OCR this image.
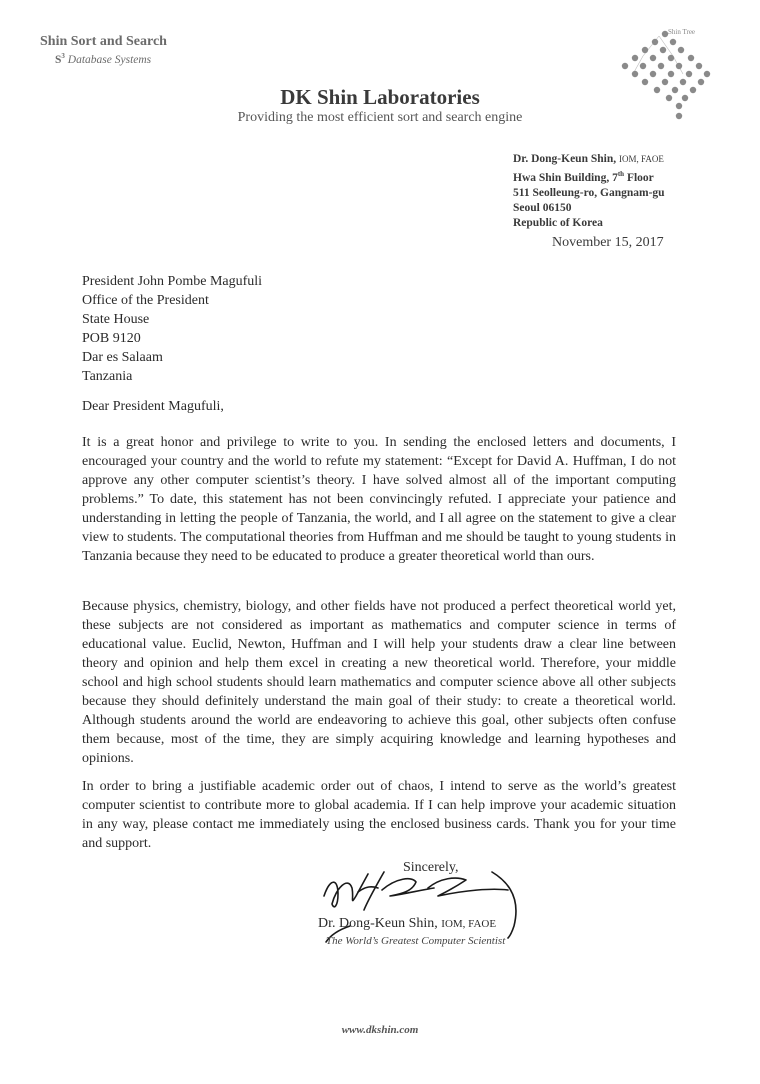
Shin Sort and Search
$S^3$ Database Systems
DK Shin Laboratories
Providing the most efficient sort and search engine
Shin Tree
Dr. Dong-Keun Shin, IOM, FAOE
Hwa Shin Building, 7th Floor
511 Seolleung-ro, Gangnam-gu
Seoul 06150
Republic of Korea
November 15, 2017
President John Pombe Magufuli
Office of the President
State House
POB 9120
Dar es Salaam
Tanzania
Dear President Magufuli,
It is a great honor and privilege to write to you. In sending the enclosed letters and documents, I encouraged your country and the world to refute my statement: “Except for David A. Huffman, I do not approve any other computer scientist’s theory. I have solved almost all of the important computing problems.” To date, this statement has not been convincingly refuted. I appreciate your patience and understanding in letting the people of Tanzania, the world, and I all agree on the statement to give a clear view to students. The computational theories from Huffman and me should be taught to young students in Tanzania because they need to be educated to produce a greater theoretical world than ours.
Because physics, chemistry, biology, and other fields have not produced a perfect theoretical world yet, these subjects are not considered as important as mathematics and computer science in terms of educational value. Euclid, Newton, Huffman and I will help your students draw a clear line between theory and opinion and help them excel in creating a new theoretical world. Therefore, your middle school and high school students should learn mathematics and computer science above all other subjects because they should definitely understand the main goal of their study: to create a theoretical world. Although students around the world are endeavoring to achieve this goal, other subjects often confuse them because, most of the time, they are simply acquiring knowledge and learning hypotheses and opinions.
In order to bring a justifiable academic order out of chaos, I intend to serve as the world’s greatest computer scientist to contribute more to global academia. If I can help improve your academic situation in any way, please contact me immediately using the enclosed business cards. Thank you for your time and support.
Sincerely,
Dr. Dong-Keun Shin, IOM, FAOE
The World’s Greatest Computer Scientist
www.dkshin.com
